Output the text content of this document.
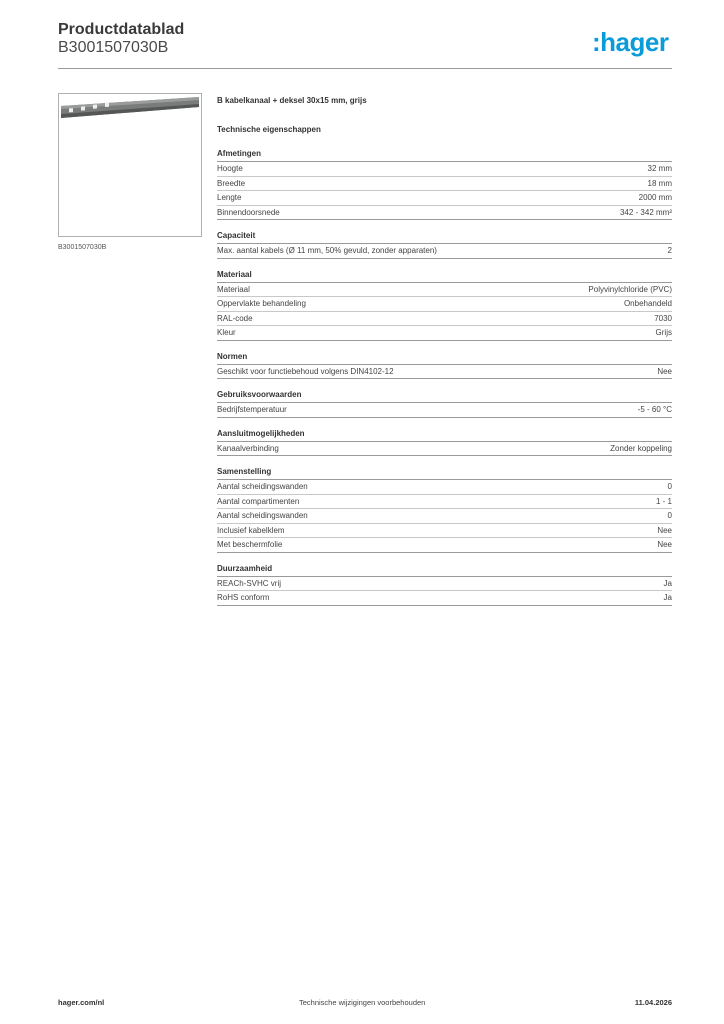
Productdatablad
B3001507030B	:hager
B3001507030B
B kabelkanaal + deksel 30x15 mm, grijs
Technische eigenschappen
Afmetingen
Hoogte	32 mm
Breedte	18 mm
Lengte	2000 mm
Binnendoorsnede	342 - 342 mm²
Capaciteit
Max. aantal kabels (Ø 11 mm, 50% gevuld, zonder apparaten)	2
Materiaal
Materiaal	Polyvinylchloride (PVC)
Oppervlakte behandeling	Onbehandeld
RAL-code	7030
Kleur	Grijs
Normen
Geschikt voor functiebehoud volgens DIN4102-12	Nee
Gebruiksvoorwaarden
Bedrijfstemperatuur	-5 - 60 °C
Aansluitmogelijkheden
Kanaalverbinding	Zonder koppeling
Samenstelling
Aantal scheidingswanden	0
Aantal compartimenten	1 - 1
Aantal scheidingswanden	0
Inclusief kabelklem	Nee
Met beschermfolie	Nee
Duurzaamheid
REACh-SVHC vrij	Ja
RoHS conform	Ja
hager.com/nl	Technische wijzigingen voorbehouden	11.04.2026
